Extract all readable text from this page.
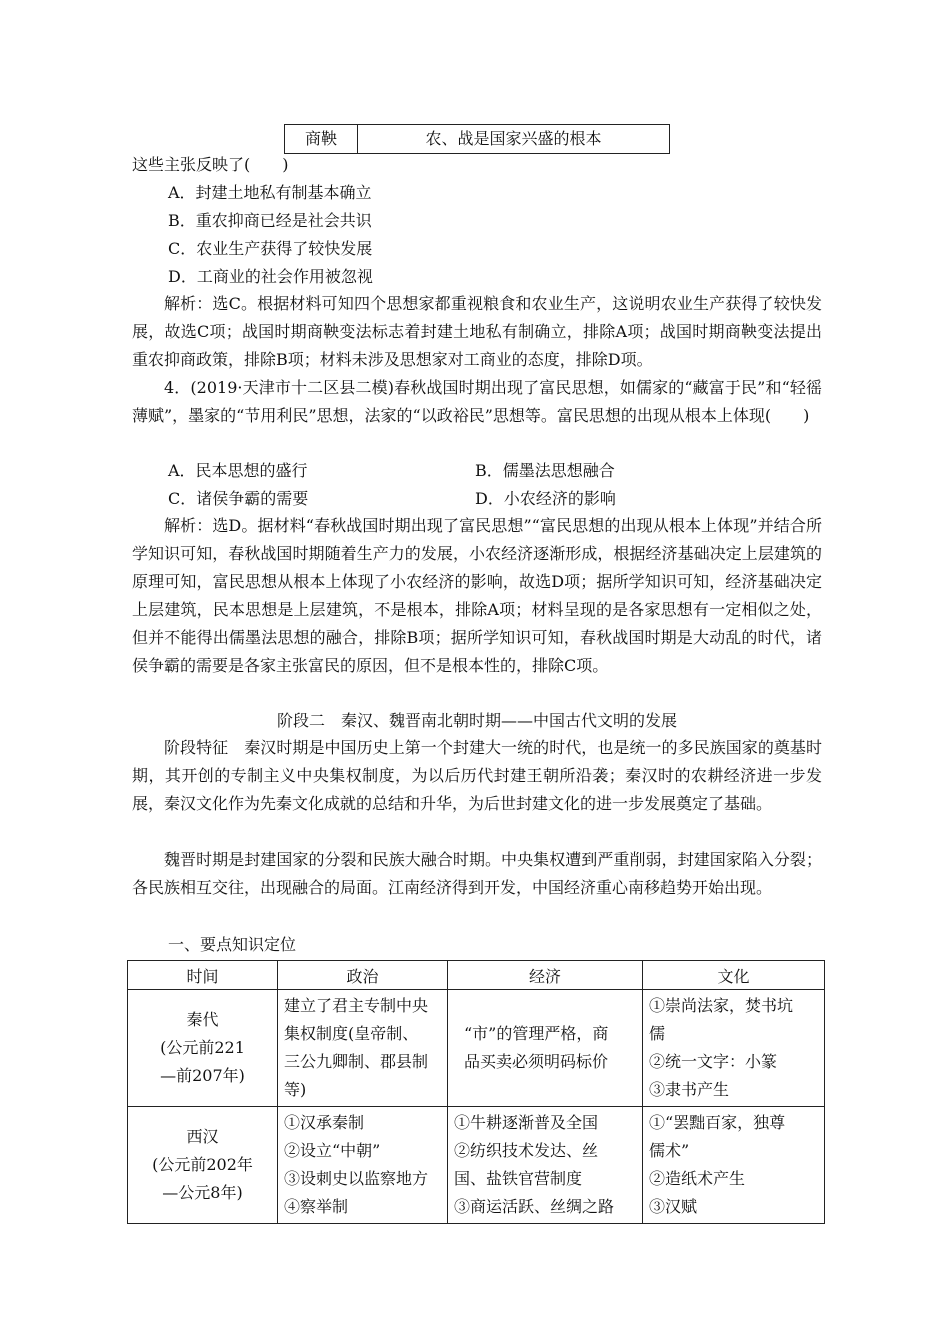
商鞅	农、战是国家兴盛的根本
这些主张反映了(　　)
A．封建土地私有制基本确立
B．重农抑商已经是社会共识
C．农业生产获得了较快发展
D．工商业的社会作用被忽视
解析：选C。根据材料可知四个思想家都重视粮食和农业生产，这说明农业生产获得了较快发展，故选C项；战国时期商鞅变法标志着封建土地私有制确立，排除A项；战国时期商鞅变法提出重农抑商政策，排除B项；材料未涉及思想家对工商业的态度，排除D项。
4．(2019·天津市十二区县二模)春秋战国时期出现了富民思想，如儒家的“藏富于民”和“轻徭薄赋”，墨家的“节用利民”思想，法家的“以政裕民”思想等。富民思想的出现从根本上体现(　　)
A．民本思想的盛行	B．儒墨法思想融合
C．诸侯争霸的需要	D．小农经济的影响
解析：选D。据材料“春秋战国时期出现了富民思想”“富民思想的出现从根本上体现”并结合所学知识可知，春秋战国时期随着生产力的发展，小农经济逐渐形成，根据经济基础决定上层建筑的原理可知，富民思想从根本上体现了小农经济的影响，故选D项；据所学知识可知，经济基础决定上层建筑，民本思想是上层建筑，不是根本，排除A项；材料呈现的是各家思想有一定相似之处，但并不能得出儒墨法思想的融合，排除B项；据所学知识可知，春秋战国时期是大动乱的时代，诸侯争霸的需要是各家主张富民的原因，但不是根本性的，排除C项。
阶段二　秦汉、魏晋南北朝时期——中国古代文明的发展
阶段特征　秦汉时期是中国历史上第一个封建大一统的时代，也是统一的多民族国家的奠基时期，其开创的专制主义中央集权制度，为以后历代封建王朝所沿袭；秦汉时的农耕经济进一步发展，秦汉文化作为先秦文化成就的总结和升华，为后世封建文化的进一步发展奠定了基础。
魏晋时期是封建国家的分裂和民族大融合时期。中央集权遭到严重削弱，封建国家陷入分裂；各民族相互交往，出现融合的局面。江南经济得到开发，中国经济重心南移趋势开始出现。
一、要点知识定位
时间	政治	经济	文化

秦代
(公元前221
—前207年)	建立了君主专制中央
集权制度(皇帝制、
三公九卿制、郡县制
等)	“市”的管理严格，商
品买卖必须明码标价	①崇尚法家，焚书坑
儒
②统一文字：小篆
③隶书产生

西汉
(公元前202年
—公元8年)	①汉承秦制
②设立“中朝”
③设刺史以监察地方
④察举制	①牛耕逐渐普及全国
②纺织技术发达、丝
国、盐铁官营制度
③商运活跃、丝绸之路	①“罢黜百家，独尊
儒术”
②造纸术产生
③汉赋
